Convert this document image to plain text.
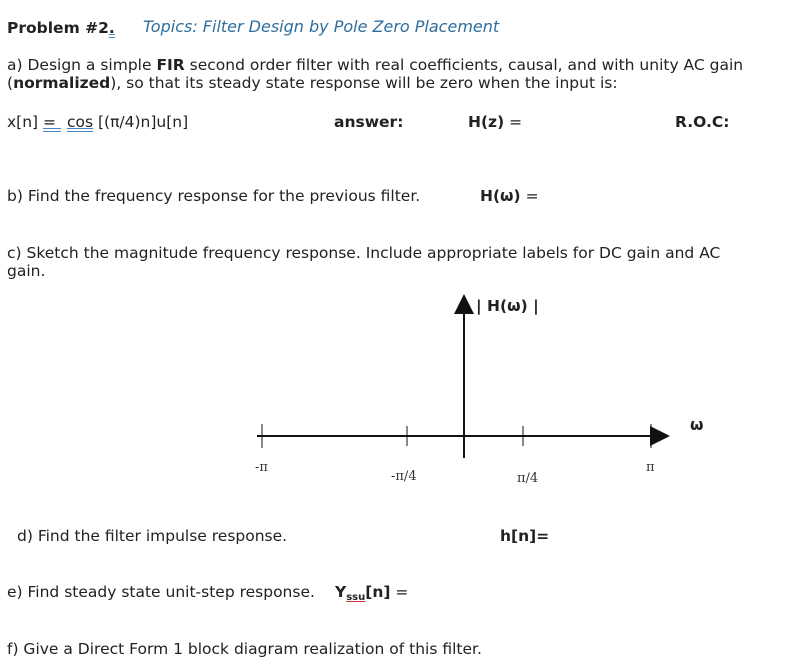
Problem #2. Topics: Filter Design by Pole Zero Placement
a) Design a simple FIR second order filter with real coefficients, causal, and with unity AC gain
(normalized), so that its steady state response will be zero when the input is:
x[n] = cos [(π/4)n]u[n]	answer:	H(z) =	R.O.C:
b) Find the frequency response for the previous filter.	H(ω) =
c) Sketch the magnitude frequency response. Include appropriate labels for DC gain and AC
gain.
| H(ω) |
ω
-π
-π/4	π/4
π
d) Find the filter impulse response.	h[n]=
e) Find steady state unit-step response. Yssu[n] =
f) Give a Direct Form 1 block diagram realization of this filter.
